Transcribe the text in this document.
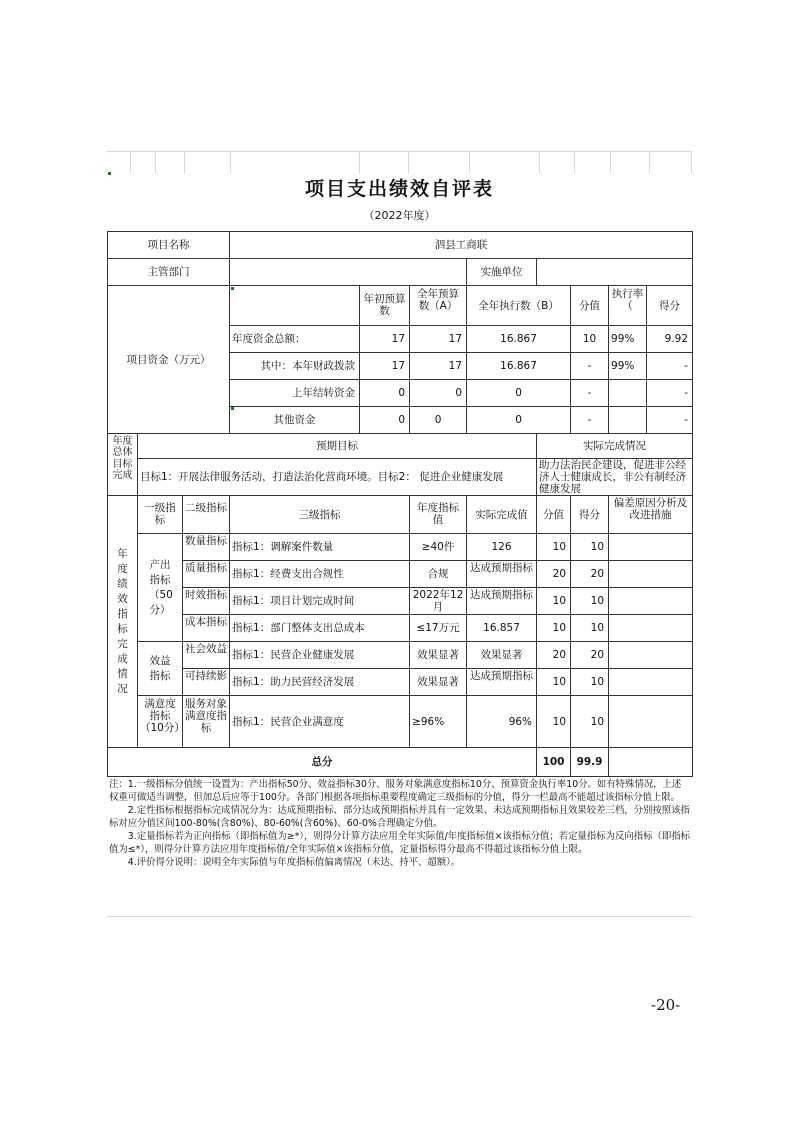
项目支出绩效自评表
（2022年度）
项目名称			泗县工商联							
主管部门						实施单位				
项目资金（万元）				年初预算数	全年预算数（A）	全年执行数（B）		分值	执行率（	得分
			年度资金总额：	17	17	16.867		10	99%	9.92
			其中：本年财政拨款	17	17	16.867		-	99%	-
			上年结转资金	0	0	0		-		-
			其他资金	0	0	0		-		-

年度总体目标完成	预期目标						实际完成情况			
	目标1：开展法律服务活动，打造法治化营商环境。目标2： 促进企业健康发展						助力法治民企建设，促进非公经济人士健康成长，非公有制经济健康发展			

年度绩效指标完成情况	一级指标	二级指标	三级指标		年度指标值	实际完成值	分值	得分	偏差原因分析及改进措施	

	产出指标（50分）	数量指标	指标1：调解案件数量		≥40件	126	10	10		

		质量指标	指标1：经费支出合规性		合规	达成预期指标	20	20		

		时效指标	指标1：项目计划完成时间		2022年12月	达成预期指标	10	10		

		成本指标	指标1：部门整体支出总成本		≤17万元	16.857	10	10		

	效益指标	社会效益	指标1：民营企业健康发展		效果显著	效果显著	20	20		

		可持续影	指标1：助力民营经济发展		效果显著	达成预期指标	10	10		

	满意度指标（10分）	服务对象满意度指标	指标1：民营企业满意度		≥96%	96%	10	10		
总分							100	99.9		

注：1.一级指标分值统一设置为：产出指标50分、效益指标30分、服务对象满意度指标10分、预算资金执行率10分。如有特殊情况，上述权重可做适当调整，但加总后应等于100分。各部门根据各项指标重要程度确定三级指标的分值，得分一栏最高不能超过该指标分值上限。

2.定性指标根据指标完成情况分为：达成预期指标、部分达成预期指标并具有一定效果、未达成预期指标且效果较差三档，分别按照该指标对应分值区间100-80%(含80%)、80-60%(含60%)、60-0%合理确定分值。

3.定量指标若为正向指标（即指标值为≥*），则得分计算方法应用全年实际值/年度指标值×该指标分值；若定量指标为反向指标（即指标值为≤*），则得分计算方法应用年度指标值/全年实际值×该指标分值，定量指标得分最高不得超过该指标分值上限。

4.评价得分说明：说明全年实际值与年度指标值偏离情况（未达、持平、超额）。

-20-
